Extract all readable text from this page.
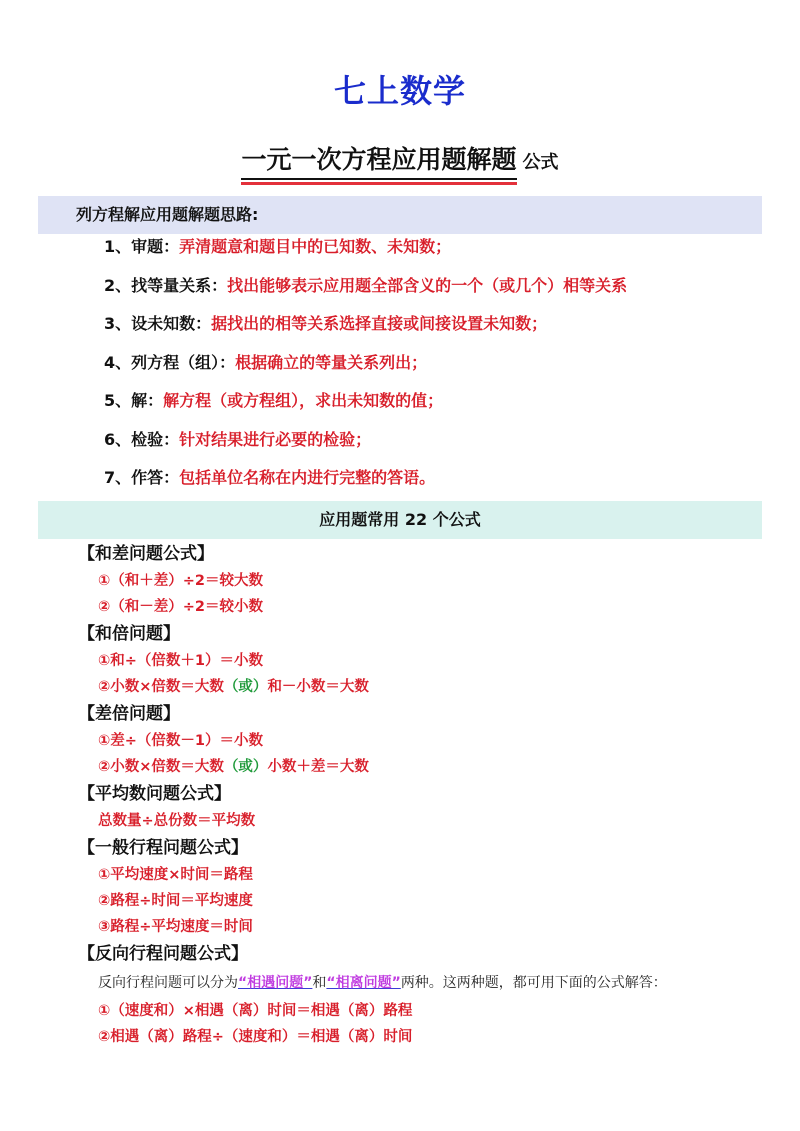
七上数学
一元一次方程应用题解题 公式
列方程解应用题解题思路:
1、审题：弄清题意和题目中的已知数、未知数；
2、找等量关系：找出能够表示应用题全部含义的一个（或几个）相等关系
3、设未知数：据找出的相等关系选择直接或间接设置未知数；
4、列方程（组）：根据确立的等量关系列出；
5、解：解方程（或方程组），求出未知数的值；
6、检验：针对结果进行必要的检验；
7、作答：包括单位名称在内进行完整的答语。
应用题常用 22 个公式
【和差问题公式】
①（和＋差）÷2＝较大数
②（和－差）÷2＝较小数
【和倍问题】
①和÷（倍数＋1）＝小数
②小数×倍数＝大数（或）和－小数＝大数
【差倍问题】
①差÷（倍数－1）＝小数
②小数×倍数＝大数（或）小数＋差＝大数
【平均数问题公式】
总数量÷总份数＝平均数
【一般行程问题公式】
①平均速度×时间＝路程
②路程÷时间＝平均速度
③路程÷平均速度＝时间
【反向行程问题公式】
反向行程问题可以分为“相遇问题”和“相离问题”两种。这两种题，都可用下面的公式解答：
①（速度和）×相遇（离）时间＝相遇（离）路程
②相遇（离）路程÷（速度和）＝相遇（离）时间
